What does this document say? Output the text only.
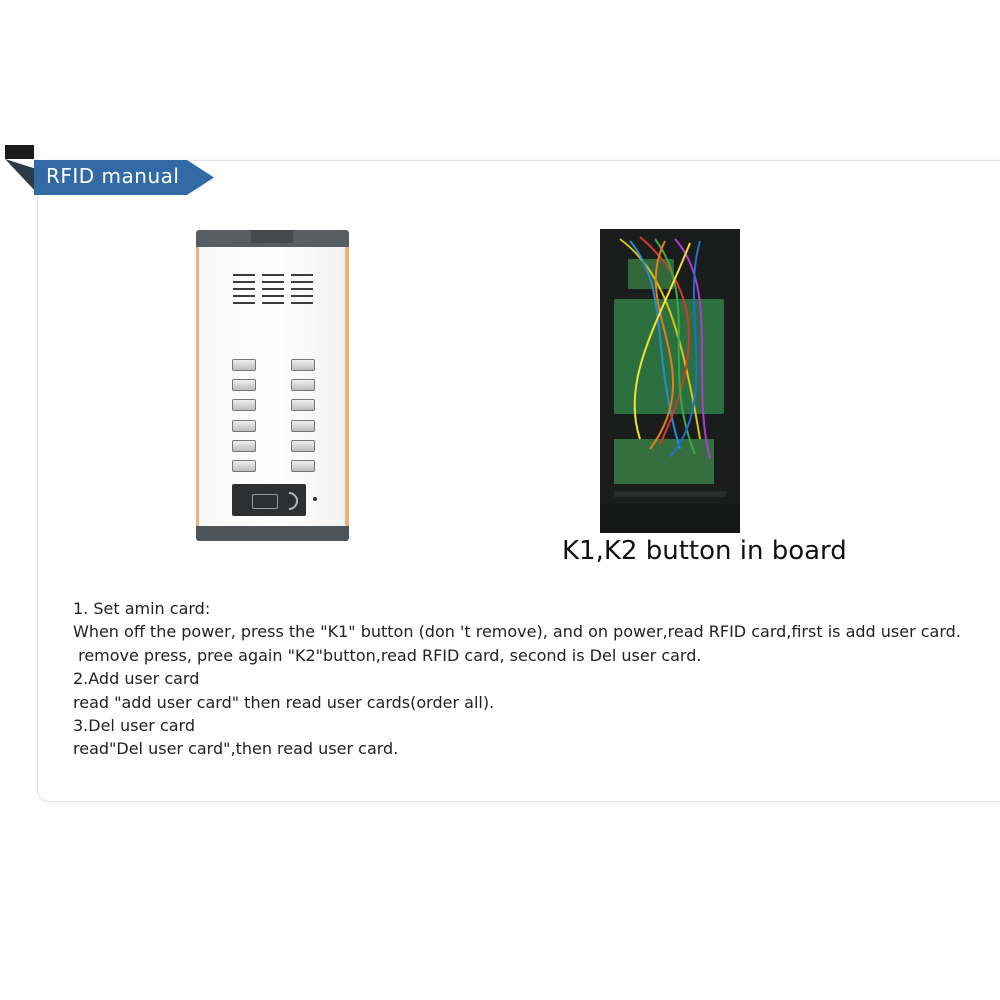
RFID manual
K1,K2 button in board
1. Set amin card:
When off the power, press the "K1" button (don 't remove), and on power,read RFID card,first is add user card.
remove press, pree again "K2"button,read RFID card, second is Del user card.
2.Add user card
read "add user card" then read user cards(order all).
3.Del user card
read"Del user card",then read user card.
